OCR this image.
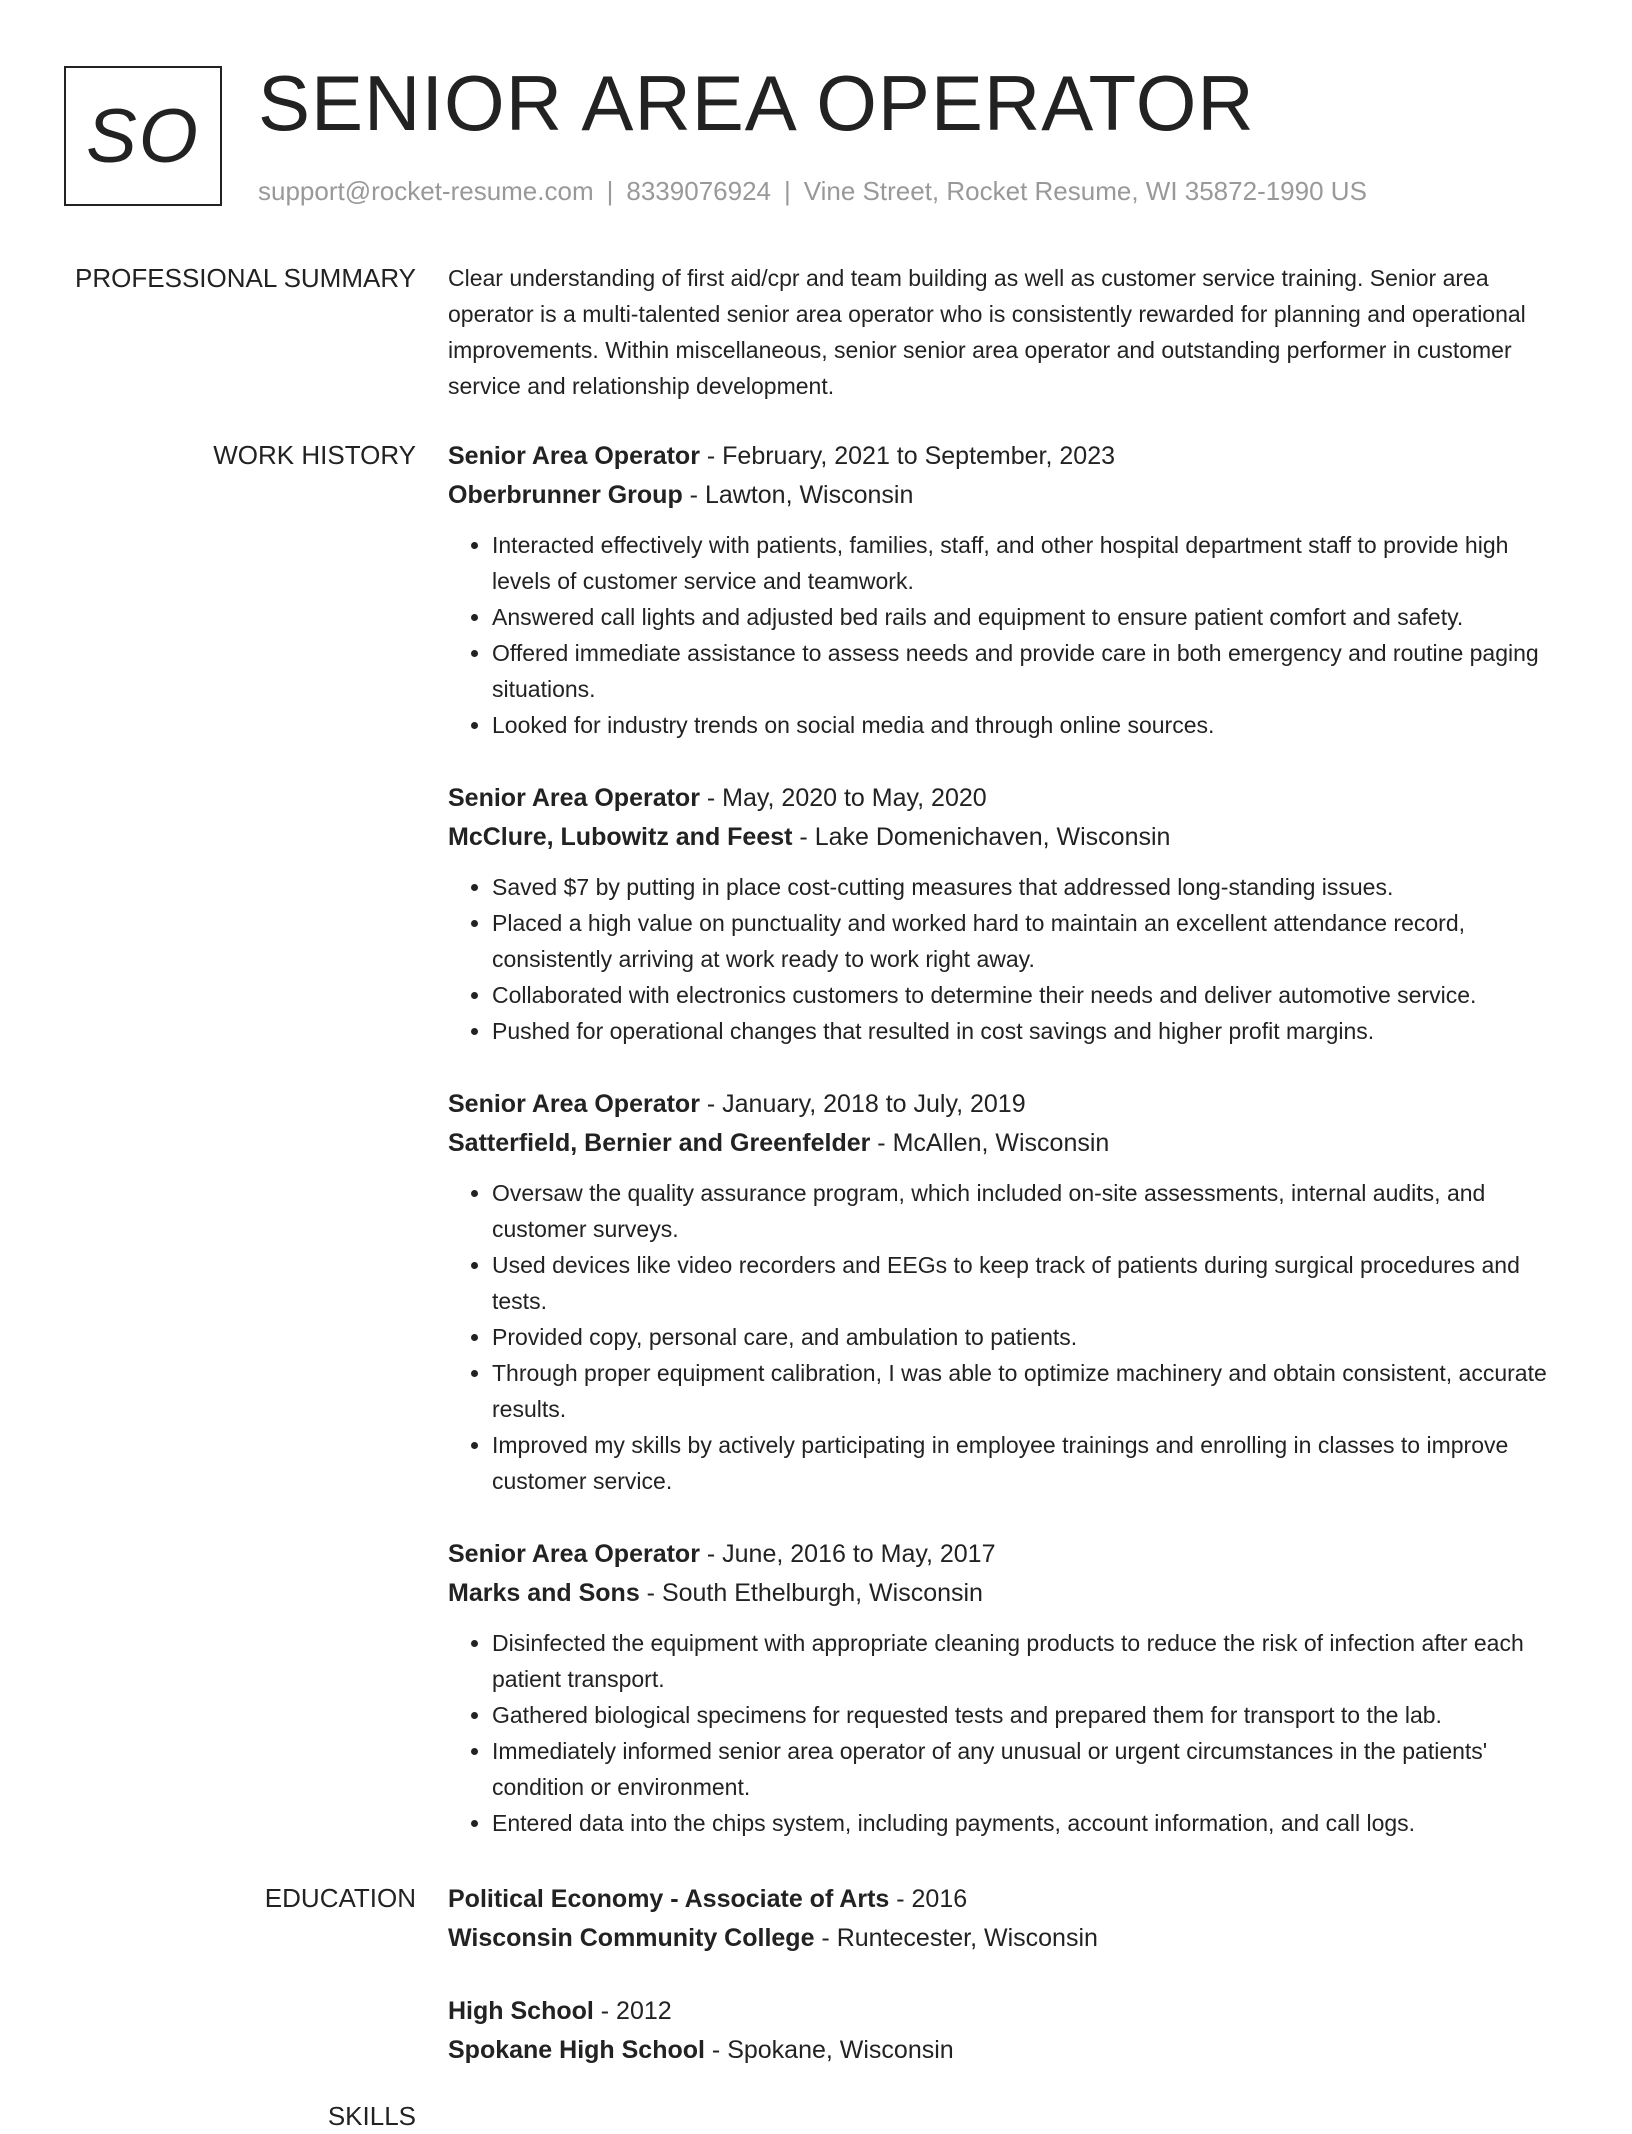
SO SENIOR AREA OPERATOR
support@rocket-resume.com | 8339076924 | Vine Street, Rocket Resume, WI 35872-1990 US
PROFESSIONAL SUMMARY Clear understanding of first aid/cpr and team building as well as customer service training. Senior area operator is a multi-talented senior area operator who is consistently rewarded for planning and operational improvements. Within miscellaneous, senior senior area operator and outstanding performer in customer service and relationship development.

WORK HISTORY Senior Area Operator - February, 2021 to September, 2023
Oberbrunner Group - Lawton, Wisconsin
• Interacted effectively with patients, families, staff, and other hospital department staff to provide high levels of customer service and teamwork.
• Answered call lights and adjusted bed rails and equipment to ensure patient comfort and safety.
• Offered immediate assistance to assess needs and provide care in both emergency and routine paging situations.
• Looked for industry trends on social media and through online sources.
Senior Area Operator - May, 2020 to May, 2020
McClure, Lubowitz and Feest - Lake Domenichaven, Wisconsin
• Saved $7 by putting in place cost-cutting measures that addressed long-standing issues.
• Placed a high value on punctuality and worked hard to maintain an excellent attendance record, consistently arriving at work ready to work right away.
• Collaborated with electronics customers to determine their needs and deliver automotive service.
• Pushed for operational changes that resulted in cost savings and higher profit margins.
Senior Area Operator - January, 2018 to July, 2019
Satterfield, Bernier and Greenfelder - McAllen, Wisconsin
• Oversaw the quality assurance program, which included on-site assessments, internal audits, and customer surveys.
• Used devices like video recorders and EEGs to keep track of patients during surgical procedures and tests.
• Provided copy, personal care, and ambulation to patients.
• Through proper equipment calibration, I was able to optimize machinery and obtain consistent, accurate results.
• Improved my skills by actively participating in employee trainings and enrolling in classes to improve customer service.
Senior Area Operator - June, 2016 to May, 2017
Marks and Sons - South Ethelburgh, Wisconsin
• Disinfected the equipment with appropriate cleaning products to reduce the risk of infection after each patient transport.
• Gathered biological specimens for requested tests and prepared them for transport to the lab.
• Immediately informed senior area operator of any unusual or urgent circumstances in the patients' condition or environment.
• Entered data into the chips system, including payments, account information, and call logs.
EDUCATION Political Economy - Associate of Arts - 2016
Wisconsin Community College - Runtecester, Wisconsin
High School - 2012
Spokane High School - Spokane, Wisconsin
SKILLS
